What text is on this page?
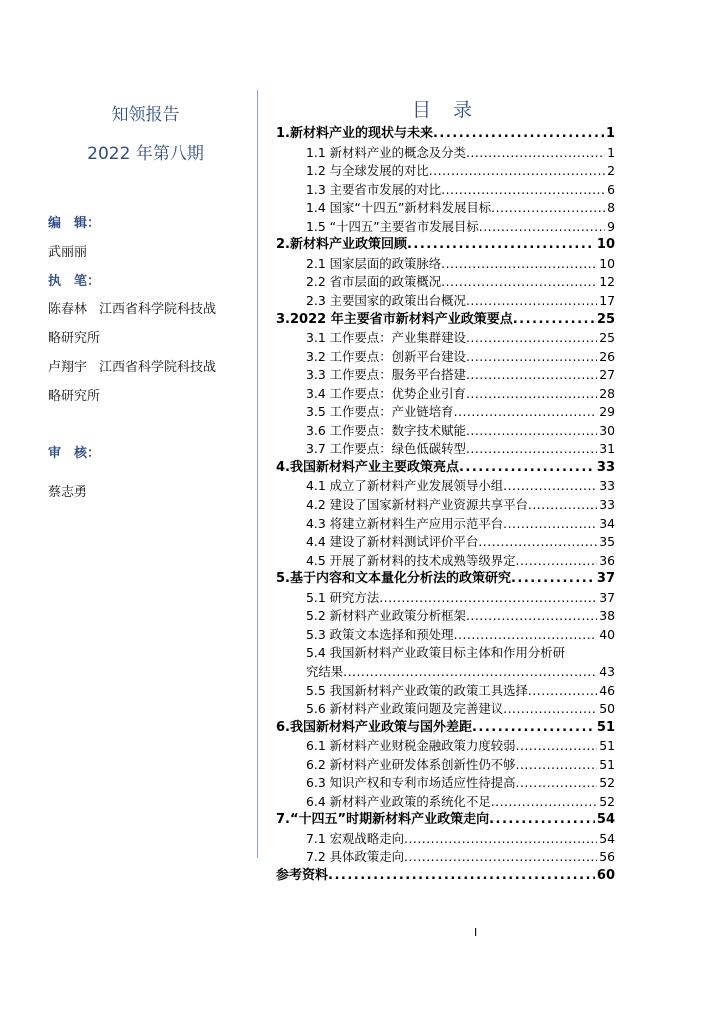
知领报告
2022 年第八期
编　辑：
武丽丽
执　笔：
陈春林 江西省科学院科技战
略研究所
卢翔宇 江西省科学院科技战
略研究所
审　核：
蔡志勇
目 录
1.新材料产业的现状与未来 .....	1
1.1 新材料产业的概念及分类 .....	1
1.2 与全球发展的对比 .....	2
1.3 主要省市发展的对比 .....	6
1.4 国家“十四五”新材料发展目标 .....	8
1.5 “十四五”主要省市发展目标 .....	9
2.新材料产业政策回顾 .....	10
2.1 国家层面的政策脉络 .....	10
2.2 省市层面的政策概况 .....	12
2.3 主要国家的政策出台概况 .....	17
3.2022 年主要省市新材料产业政策要点 .....	25
3.1 工作要点：产业集群建设 .....	25
3.2 工作要点：创新平台建设 .....	26
3.3 工作要点：服务平台搭建 .....	27
3.4 工作要点：优势企业引育 .....	28
3.5 工作要点：产业链培育 .....	29
3.6 工作要点：数字技术赋能 .....	30
3.7 工作要点：绿色低碳转型 .....	31
4.我国新材料产业主要政策亮点 .....	33
4.1 成立了新材料产业发展领导小组 .....	33
4.2 建设了国家新材料产业资源共享平台 .....	33
4.3 将建立新材料生产应用示范平台 .....	34
4.4 建设了新材料测试评价平台 .....	35
4.5 开展了新材料的技术成熟等级界定 .....	36
5.基于内容和文本量化分析法的政策研究 .....	37
5.1 研究方法 .....	37
5.2 新材料产业政策分析框架 .....	38
5.3 政策文本选择和预处理 .....	40
5.4 我国新材料产业政策目标主体和作用分析研
究结果 .....	43
5.5 我国新材料产业政策的政策工具选择 .....	46
5.6 新材料产业政策问题及完善建议 .....	50
6.我国新材料产业政策与国外差距 .....	51
6.1 新材料产业财税金融政策力度较弱 .....	51
6.2 新材料产业研发体系创新性仍不够 .....	51
6.3 知识产权和专利市场适应性待提高 .....	52
6.4 新材料产业政策的系统化不足 .....	52
7.“十四五”时期新材料产业政策走向 .....	54
7.1 宏观战略走向 .....	54
7.2 具体政策走向 .....	56
参考资料 .....	60
I
